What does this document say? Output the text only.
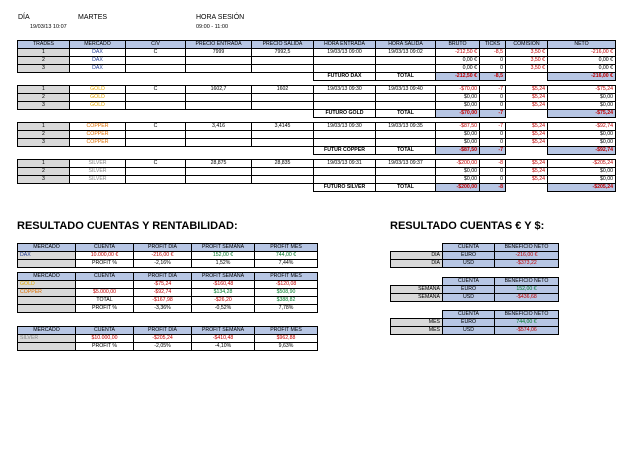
DÍA	MARTES
19/03/13 10:07
HORA SESIÓN
09:00 - 11:00
TRADES	MERCADO	C/V	PRECIO ENTRADA	PRECIO SALIDA	HORA ENTRADA	HORA SALIDA	BRUTO	TICKS	COMISIÓN	NETO
1	DAX	C	7999	7992,5	19/03/13 09:00	19/03/13 09:02	-212,50 €	-8,5	3,50 €	-216,00 €
2	DAX						0,00 €	0	3,50 €	0,00 €
3	DAX						0,00 €	0	3,50 €	0,00 €
					FUTURO DAX	TOTAL	-212,50 €	-8,5		-216,00 €

1	GOLD	C	1602,7	1602	19/03/13 09:30	19/03/13 09:40	-$70,00	-7	$5,24	-$75,24
2	GOLD						$0,00	0	$5,24	$0,00
3	GOLD						$0,00	0	$5,24	$0,00
					FUTURO GOLD	TOTAL	-$70,00	-7		-$75,24

1	COPPER	C	3,416	3,4145	19/03/13 09:30	19/03/13 09:35	-$87,50	-7	$5,24	-$92,74
2	COPPER						$0,00	0	$5,24	$0,00
3	COPPER						$0,00	0	$5,24	$0,00
					FUTUR COPPER	TOTAL	-$87,50	-7		-$92,74

1	SILVER	C	28,875	28,835	19/03/13 09:31	19/03/13 09:37	-$200,00	-8	$5,24	-$205,24
2	SILVER						$0,00	0	$5,24	$0,00
3	SILVER						$0,00	0	$5,24	$0,00
					FUTURO SILVER	TOTAL	-$200,00	-8		-$205,24
RESULTADO CUENTAS Y RENTABILIDAD:
MERCADO	CUENTA	PROFIT DÍA	PROFIT SEMANA	PROFIT MES
DAX	10.000,00 €	-216,00 €	152,00 €	744,00 €
	PROFIT %	-2,16%	1,52%	7,44%
MERCADO	CUENTA	PROFIT DÍA	PROFIT SEMANA	PROFIT MES
GOLD		-$75,24	-$160,48	-$120,08
COPPER	$5.000,00	-$92,74	$134,28	$508,90
	TOTAL	-$167,98	-$26,20	$388,82
	PROFIT %	-3,36%	-0,52%	7,78%
MERCADO	CUENTA	PROFIT DÍA	PROFIT SEMANA	PROFIT MES
SILVER	$10.000,00	-$205,24	-$410,48	$962,88
	PROFIT %	-2,05%	-4,10%	9,63%
RESULTADO CUENTAS € Y $:
	CUENTA	BENEFICIO NETO
DÍA	EURO	-216,00 €
DÍA	USD	-$373,22
	CUENTA	BENEFICIO NETO
SEMANA	EURO	152,00 €
SEMANA	USD	-$436,68
	CUENTA	BENEFICIO NETO
MES	EURO	744,00 €
MES	USD	-$574,06
